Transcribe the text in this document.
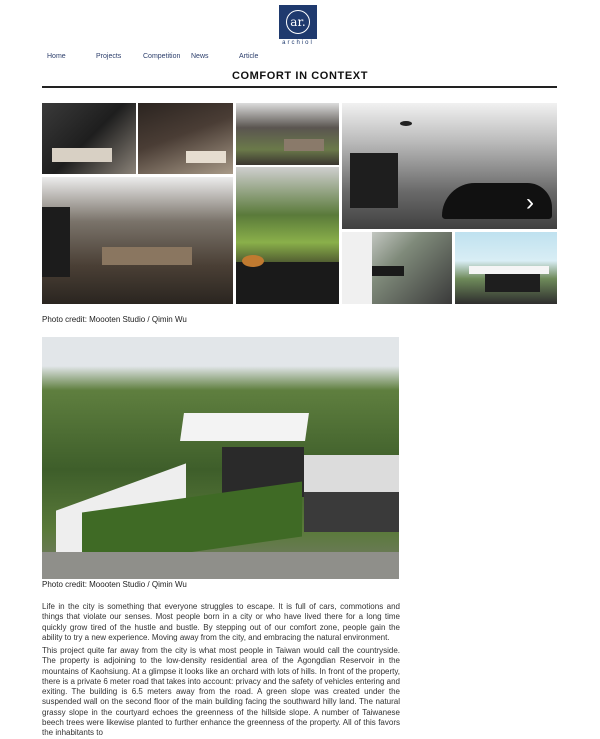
ar.
archiol
Home	Projects	Competition News	Article
COMFORT IN CONTEXT
›
Photo credit: Moooten Studio / Qimin Wu
Photo credit: Moooten Studio / Qimin Wu

Life in the city is something that everyone struggles to escape. It is full of cars, commotions and things that violate our senses. Most people born in a city or who have lived there for a long time quickly grow tired of the hustle and bustle. By stepping out of our comfort zone, people gain the ability to try a new experience. Moving away from the city, and embracing the natural environment.

This project quite far away from the city is what most people in Taiwan would call the countryside. The property is adjoining to the low-density residential area of the Agongdian Reservoir in the mountains of Kaohsiung. At a glimpse it looks like an orchard with lots of hills. In front of the property, there is a private 6 meter road that takes into account: privacy and the safety of vehicles entering and exiting. The building is 6.5 meters away from the road. A green slope was created under the suspended wall on the second floor of the main building facing the southward hilly land. The natural grassy slope in the courtyard echoes the greenness of the hillside slope. A number of Taiwanese beech trees were likewise planted to further enhance the greenness of the property. All of this favors the inhabitants to
